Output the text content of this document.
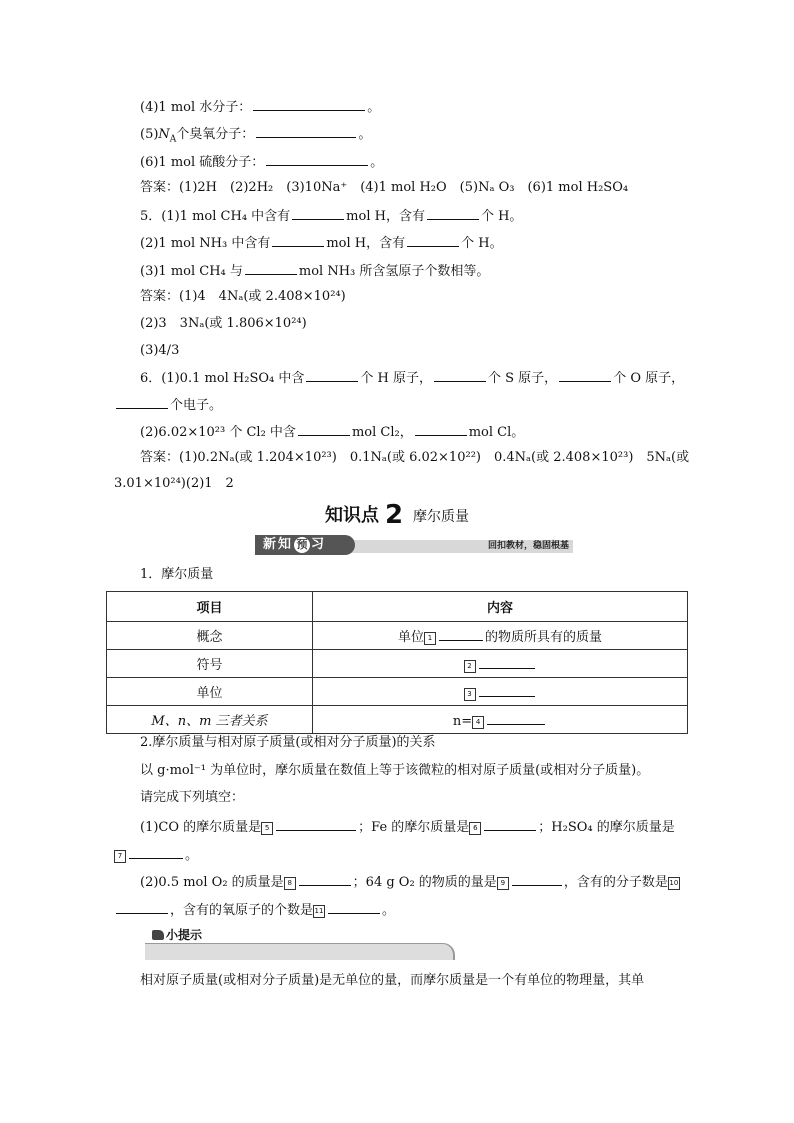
(4)1 mol 水分子：	。
$(5)N_A$个臭氧分子：	。
(6)1 mol 硫酸分子：	。
答案：(1)2H　(2)2H₂　(3)10Na⁺　(4)1 mol H₂O　(5)Nₐ O₃　(6)1 mol H₂SO₄
5．(1)1 mol CH₄ 中含有	mol H，含有	个 H。
(2)1 mol NH₃ 中含有	mol H，含有	个 H。
(3)1 mol CH₄ 与	mol NH₃ 所含氢原子个数相等。
答案：(1)4　4Nₐ(或 2.408×10²⁴)
(2)3　3Nₐ(或 1.806×10²⁴)
(3)4/3
6．(1)0.1 mol H₂SO₄ 中含	个 H 原子，	个 S 原子，	个 O 原子，
个电子。
(2)6.02×10²³ 个 Cl₂ 中含	mol Cl₂，	mol Cl。
答案：(1)0.2Nₐ(或 1.204×10²³)　0.1Nₐ(或 6.02×10²²)　0.4Nₐ(或 2.408×10²³)　5Nₐ(或
3.01×10²⁴)(2)1　2
知识点 2 摩尔质量
新知 预 习	回扣教材，稳固根基
1．摩尔质量
项目	内容
概念	单位 1 的物质所具有的质量
符号	2
单位	3
M、n、m 三者关系	n= 4
2.摩尔质量与相对原子质量(或相对分子质量)的关系
以 g·mol⁻¹ 为单位时，摩尔质量在数值上等于该微粒的相对原子质量(或相对分子质量)。
请完成下列填空：
(1)CO 的摩尔质量是 5	；Fe 的摩尔质量是 6	；H₂SO₄ 的摩尔质量是
7	。
(2)0.5 mol O₂ 的质量是 8	；64 g O₂ 的物质的量是 9	，含有的分子数是 10
，含有的氧原子的个数是 11	。
小提示
相对原子质量(或相对分子质量)是无单位的量，而摩尔质量是一个有单位的物理量，其单
